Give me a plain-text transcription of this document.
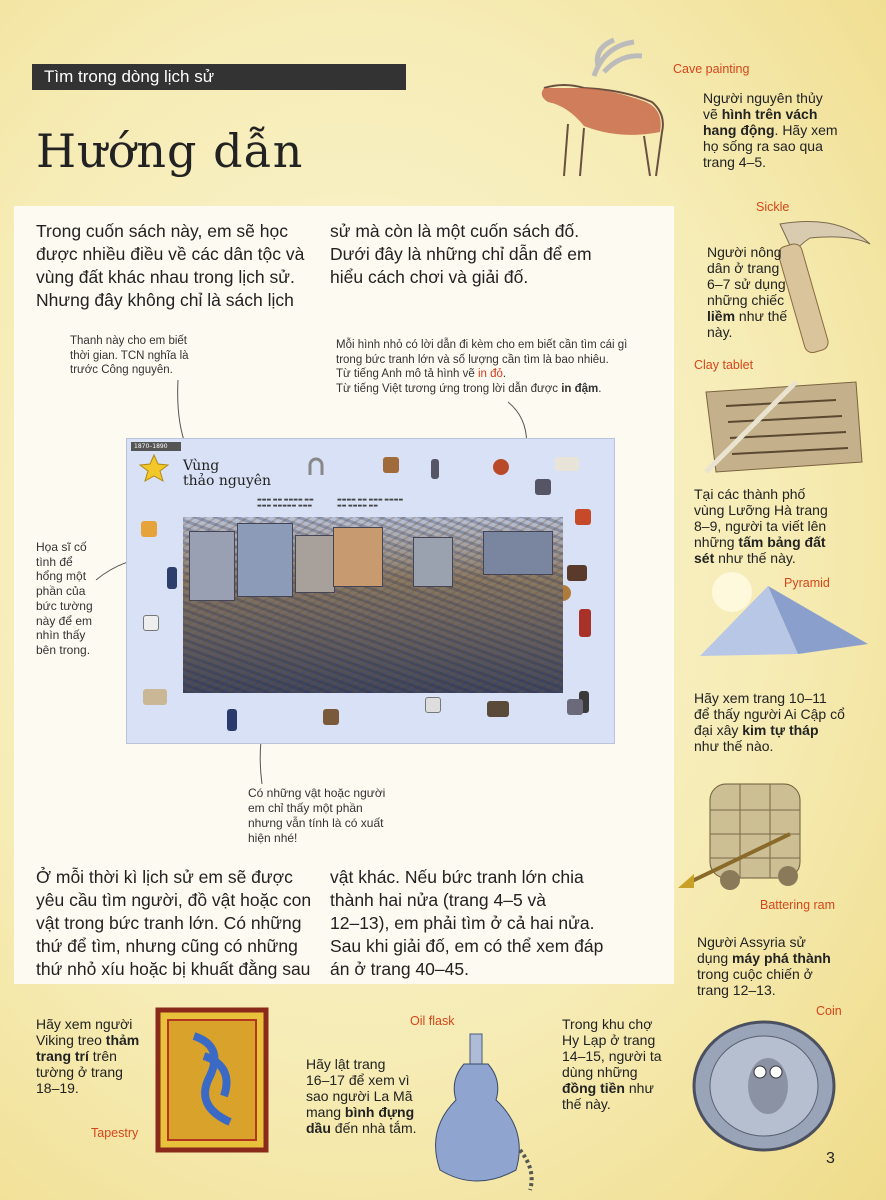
Tìm trong dòng lịch sử
Hướng dẫn
Trong cuốn sách này, em sẽ học
được nhiều điều về các dân tộc và
vùng đất khác nhau trong lịch sử.
Nhưng đây không chỉ là sách lịch
sử mà còn là một cuốn sách đố.
Dưới đây là những chỉ dẫn để em
hiểu cách chơi và giải đố.
Thanh này cho em biết
thời gian. TCN nghĩa là
trước Công nguyên.
Mỗi hình nhỏ có lời dẫn đi kèm cho em biết cần tìm cái gì
trong bức tranh lớn và số lượng cần tìm là bao nhiêu.
Từ tiếng Anh mô tả hình vẽ in đỏ.
Từ tiếng Việt tương ứng trong lời dẫn được in đậm.
Họa sĩ cố
tình để
hổng một
phần của
bức tường
này để em
nhìn thấy
bên trong.
Có những vật hoặc người
em chỉ thấy một phần
nhưng vẫn tính là có xuất
hiện nhé!
1870–1890
Vùng
thảo nguyên
▬▬▬ ▬▬ ▬▬▬▬ ▬▬ ▬▬▬ ▬▬▬▬▬ ▬▬▬
▬▬▬▬ ▬▬ ▬▬▬ ▬▬▬▬ ▬▬ ▬▬▬▬ ▬▬
Ở mỗi thời kì lịch sử em sẽ được
yêu cầu tìm người, đồ vật hoặc con
vật trong bức tranh lớn. Có những
thứ để tìm, nhưng cũng có những
thứ nhỏ xíu hoặc bị khuất đằng sau
vật khác. Nếu bức tranh lớn chia
thành hai nửa (trang 4–5 và
12–13), em phải tìm ở cả hai nửa.
Sau khi giải đố, em có thể xem đáp
án ở trang 40–45.
Cave painting
Người nguyên thủy
vẽ hình trên vách
hang động. Hãy xem
họ sống ra sao qua
trang 4–5.
Sickle
Người nông
dân ở trang
6–7 sử dụng
những chiếc
liềm như thế
này.
Clay tablet
Tại các thành phố
vùng Lưỡng Hà trang
8–9, người ta viết lên
những tấm bảng đất
sét như thế này.
Pyramid
Hãy xem trang 10–11
để thấy người Ai Cập cổ
đại xây kim tự tháp
như thế nào.
Battering ram
Người Assyria sử
dụng máy phá thành
trong cuộc chiến ở
trang 12–13.
Hãy xem người
Viking treo thảm
trang trí trên
tường ở trang
18–19.
Tapestry
Hãy lật trang
16–17 để xem vì
sao người La Mã
mang bình đựng
dầu đến nhà tắm.
Oil flask	Trong khu chợ
Hy Lạp ở trang
14–15, người ta
dùng những
đồng tiền như
thế này.
Coin
3
